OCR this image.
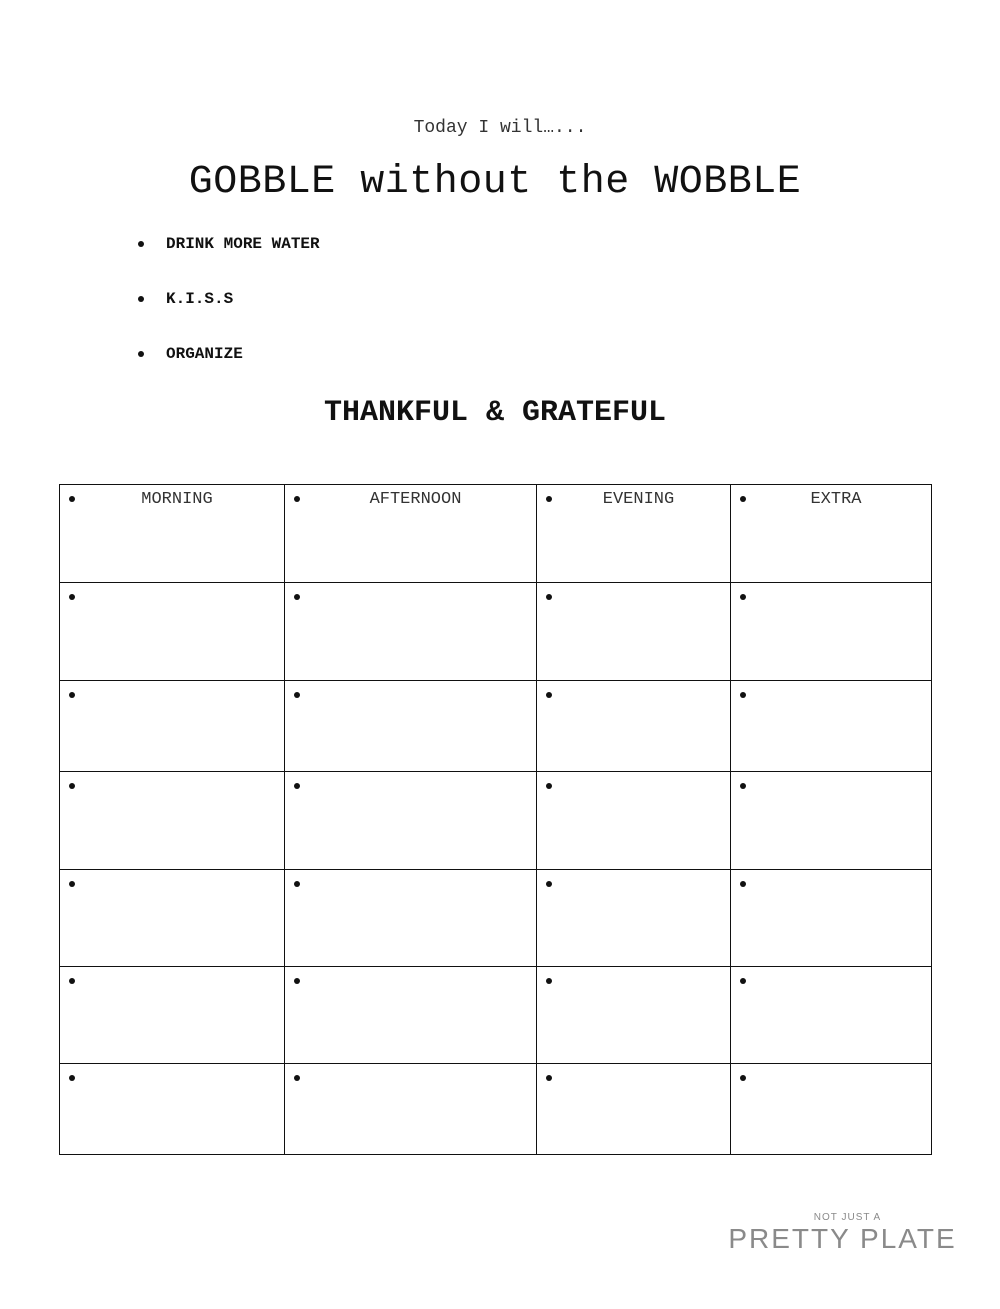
Today I will…...
GOBBLE without the WOBBLE
DRINK MORE WATER
K.I.S.S
ORGANIZE
THANKFUL & GRATEFUL
MORNING	AFTERNOON	EVENING	EXTRA

NOT JUST A
PRETTY PLATE
